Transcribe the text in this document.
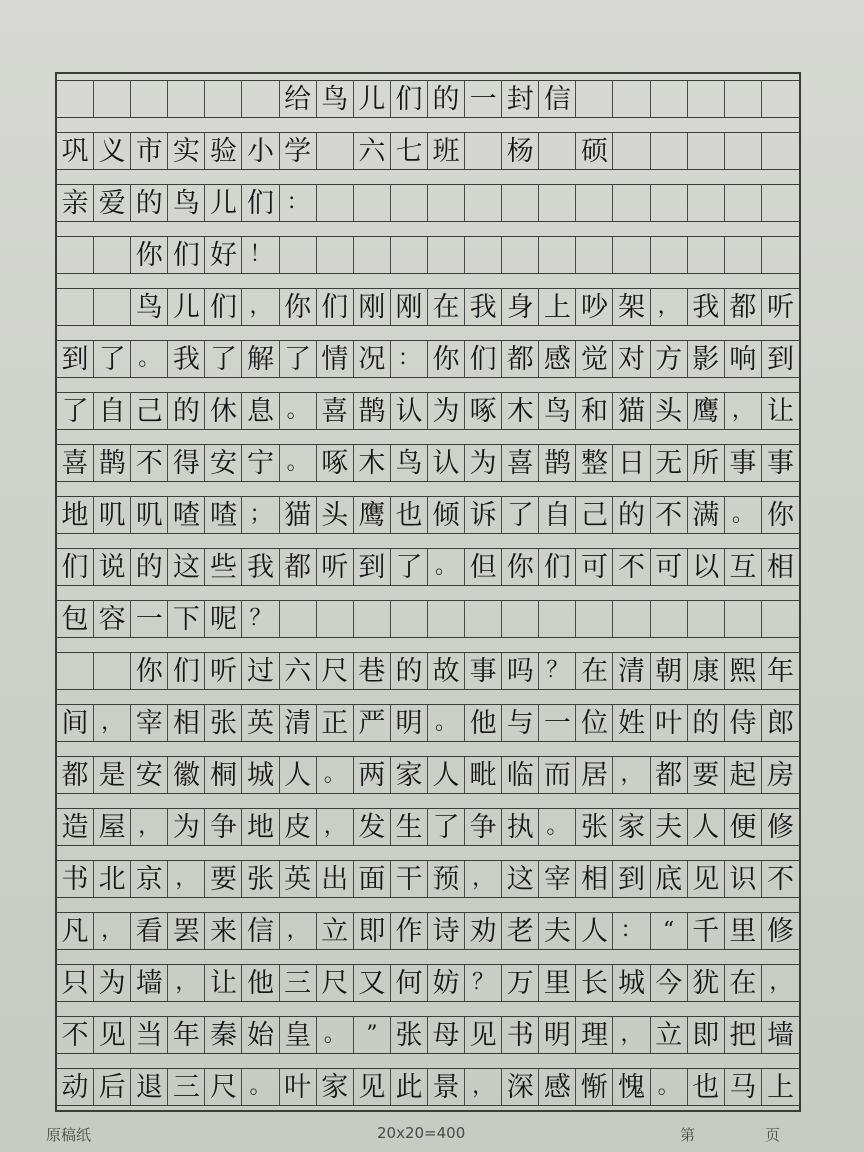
给 鸟 儿 们 的 一 封 信
巩 义 市 实 验 小 学 六 七 班 杨 硕
亲 爱 的 鸟 儿 们 ：
你 们 好 ！
鸟 儿 们 ， 你 们 刚 刚 在 我 身 上 吵 架 ， 我 都 听
到 了 。 我 了 解 了 情 况 ： 你 们 都 感 觉 对 方 影 响 到
了 自 己 的 休 息 。 喜 鹊 认 为 啄 木 鸟 和 猫 头 鹰 ， 让
喜 鹊 不 得 安 宁 。 啄 木 鸟 认 为 喜 鹊 整 日 无 所 事 事
地 叽 叽 喳 喳 ； 猫 头 鹰 也 倾 诉 了 自 己 的 不 满 。 你
们 说 的 这 些 我 都 听 到 了 。 但 你 们 可 不 可 以 互 相
包 容 一 下 呢 ？
你 们 听 过 六 尺 巷 的 故 事 吗 ？ 在 清 朝 康 熙 年
间 ， 宰 相 张 英 清 正 严 明 。 他 与 一 位 姓 叶 的 侍 郎
都 是 安 徽 桐 城 人 。 两 家 人 毗 临 而 居 ， 都 要 起 房
造 屋 ， 为 争 地 皮 ， 发 生 了 争 执 。 张 家 夫 人 便 修
书 北 京 ， 要 张 英 出 面 干 预 ， 这 宰 相 到 底 见 识 不
凡 ， 看 罢 来 信 ， 立 即 作 诗 劝 老 夫 人 ： “ 千 里 修
只 为 墙 ， 让 他 三 尺 又 何 妨 ？ 万 里 长 城 今 犹 在 ，
不 见 当 年 秦 始 皇 。 ” 张 母 见 书 明 理 ， 立 即 把 墙
动 后 退 三 尺 。 叶 家 见 此 景 ， 深 感 惭 愧 。 也 马 上
原稿纸	20x20=400	第	页
